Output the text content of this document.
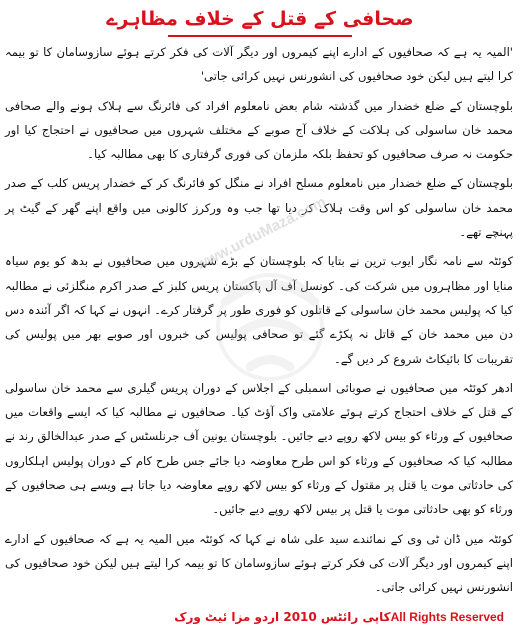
صحافی کے قتل کے خلاف مظاہرے

'المیہ یہ ہے کہ صحافیوں کے ادارے اپنے کیمروں اور دیگر آلات کی فکر کرتے ہوئے سازوسامان کا تو بیمہ کرا لیتے ہیں لیکن خود صحافیوں کی انشورنس نہیں کرائی جاتی'

بلوچستان کے ضلع خضدار میں گذشتہ شام بعض نامعلوم افراد کی فائرنگ سے ہلاک ہونے والے صحافی محمد خان ساسولی کی ہلاکت کے خلاف آج صوبے کے مختلف شہروں میں صحافیوں نے احتجاج کیا اور حکومت نہ صرف صحافیوں کو تحفظ بلکہ ملزمان کی فوری گرفتاری کا بھی مطالبہ کیا۔

بلوچستان کے ضلع خضدار میں نامعلوم مسلح افراد نے منگل کو فائرنگ کر کے خضدار پریس کلب کے صدر محمد خان ساسولی کو اس وقت ہلاک کر دیا تھا جب وہ ورکرز کالونی میں واقع اپنے گھر کے گیٹ پر پہنچے تھے۔

کوئٹہ سے نامہ نگار ایوب ترین نے بتایا کہ بلوچستان کے بڑے شہروں میں صحافیوں نے بدھ کو یوم سیاہ منایا اور مظاہروں میں شرکت کی۔ کونسل آف آل پاکستان پریس کلبز کے صدر اکرم منگلزئی نے مطالبہ کیا کہ پولیس محمد خان ساسولی کے قاتلوں کو فوری طور پر گرفتار کرے۔ انہوں نے کہا کہ اگر آئندہ دس دن میں محمد خان کے قاتل نہ پکڑے گئے تو صحافی پولیس کی خبروں اور صوبے بھر میں پولیس کی تقریبات کا بائیکاٹ شروع کر دیں گے۔

ادھر کوئٹہ میں صحافیوں نے صوبائی اسمبلی کے اجلاس کے دوران پریس گیلری سے محمد خان ساسولی کے قتل کے خلاف احتجاج کرتے ہوئے علامتی واک آؤٹ کیا۔ صحافیوں نے مطالبہ کیا کہ ایسے واقعات میں صحافیوں کے ورثاء کو بیس لاکھ روپے دیے جائیں۔ بلوچستان یونین آف جرنلسٹس کے صدر عبدالخالق رند نے مطالبہ کیا کہ صحافیوں کے ورثاء کو اس طرح معاوضہ دیا جائے جس طرح کام کے دوران پولیس اہلکاروں کی حادثاتی موت یا قتل پر مقتول کے ورثاء کو بیس لاکھ روپے معاوضہ دیا جاتا ہے ویسے ہی صحافیوں کے ورثاء کو بھی حادثاتی موت یا قتل پر بیس لاکھ روپے دیے جائیں۔

کوئٹہ میں ڈان ٹی وی کے نمائندے سید علی شاہ نے کہا کہ کوئٹہ میں المیہ یہ ہے کہ صحافیوں کے ادارے اپنے کیمروں اور دیگر آلات کی فکر کرتے ہوئے سازوسامان کا تو بیمہ کرا لیتے ہیں لیکن خود صحافیوں کی انشورنس نہیں کرائی جاتی۔

www.urduMaza.com
کاپی رائٹس 2010 اردو مزا ئیٹ ورکAll Rights Reserved
